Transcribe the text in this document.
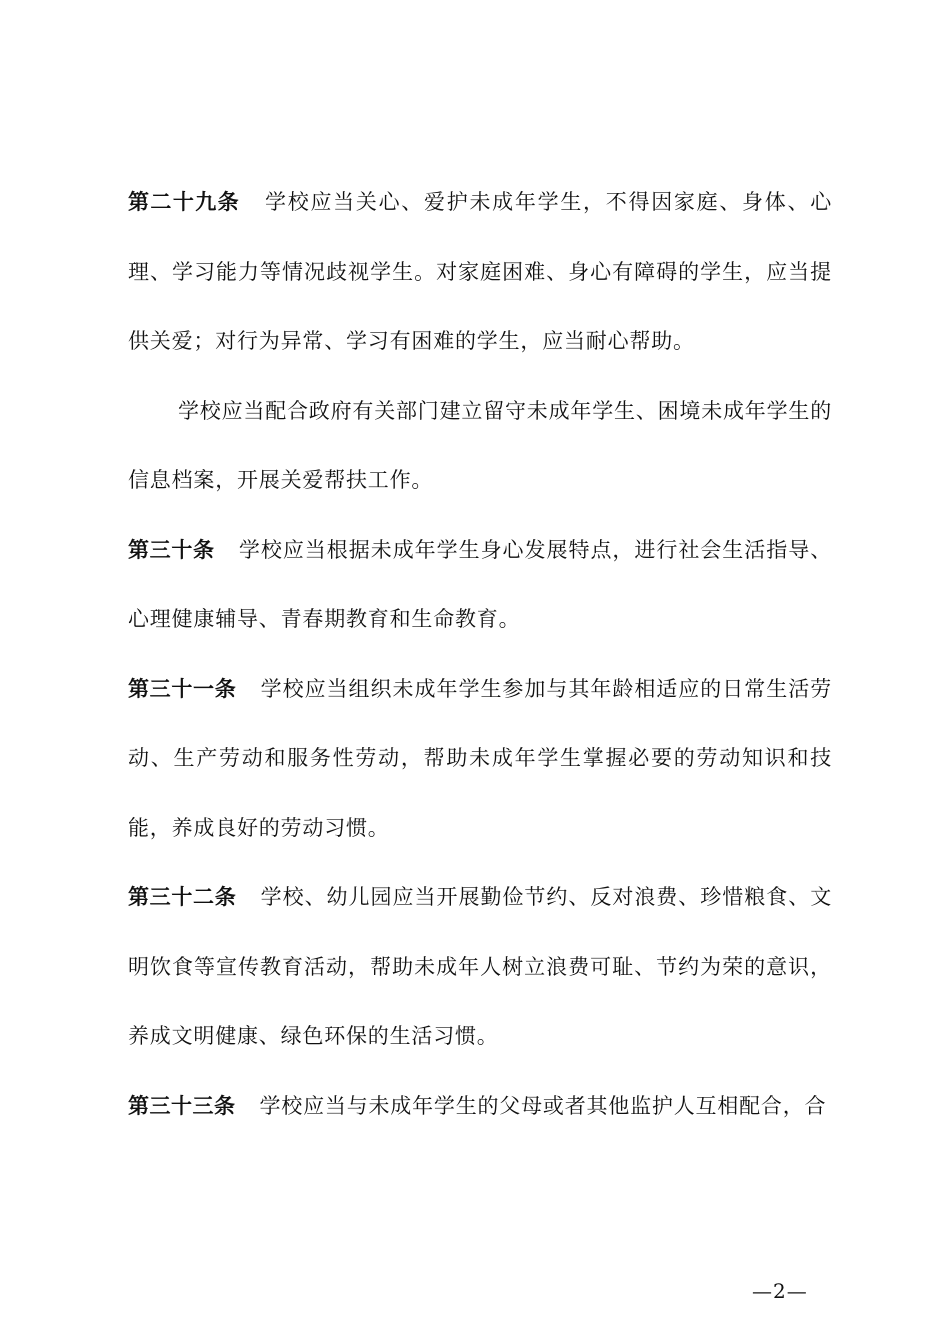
第二十九条 学校应当关心、爱护未成年学生，不得因家庭、身体、心理、学习能力等情况歧视学生。对家庭困难、身心有障碍的学生，应当提供关爱；对行为异常、学习有困难的学生，应当耐心帮助。

学校应当配合政府有关部门建立留守未成年学生、困境未成年学生的信息档案，开展关爱帮扶工作。

第三十条 学校应当根据未成年学生身心发展特点，进行社会生活指导、心理健康辅导、青春期教育和生命教育。

第三十一条 学校应当组织未成年学生参加与其年龄相适应的日常生活劳动、生产劳动和服务性劳动，帮助未成年学生掌握必要的劳动知识和技能，养成良好的劳动习惯。

第三十二条 学校、幼儿园应当开展勤俭节约、反对浪费、珍惜粮食、文明饮食等宣传教育活动，帮助未成年人树立浪费可耻、节约为荣的意识，养成文明健康、绿色环保的生活习惯。

第三十三条 学校应当与未成年学生的父母或者其他监护人互相配合，合

—2—
